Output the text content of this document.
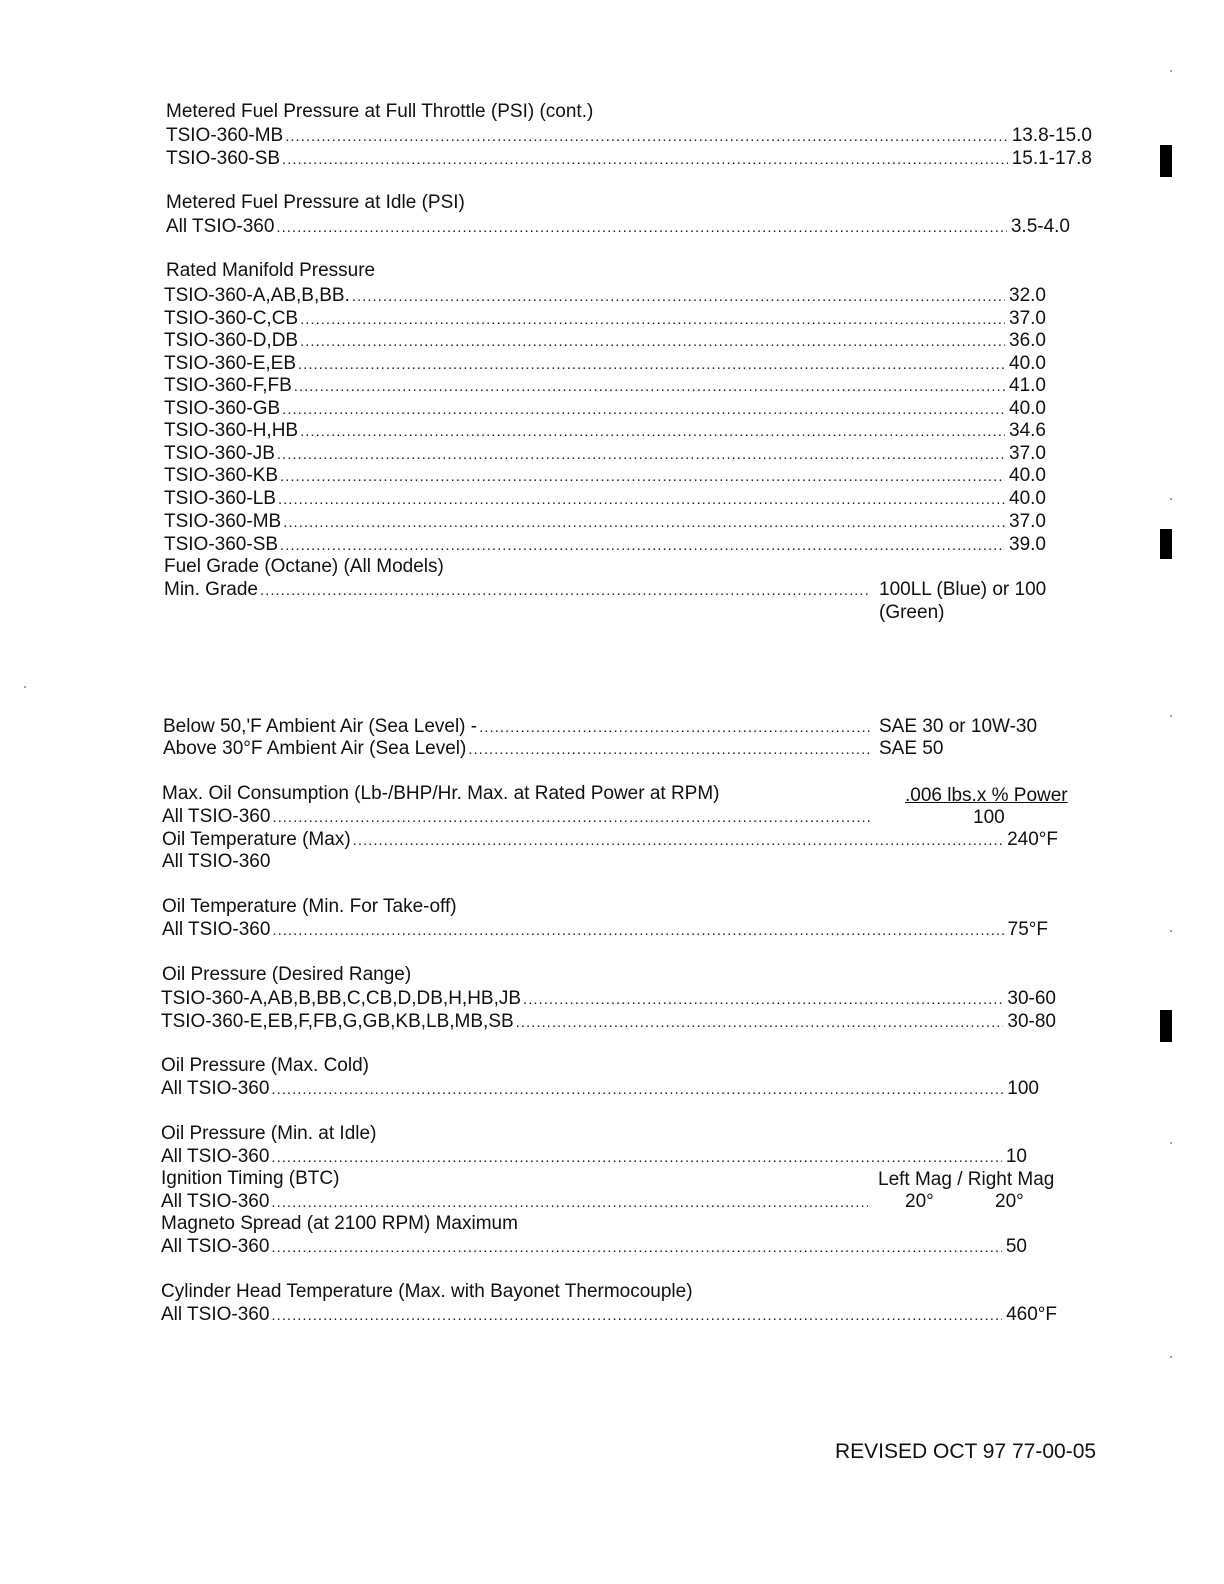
Metered Fuel Pressure at Full Throttle (PSI) (cont.)
TSIO-360-MB .....	13.8-15.0
TSIO-360-SB .....	15.1-17.8
Metered Fuel Pressure at Idle (PSI)
All TSIO-360 .....	3.5-4.0
Rated Manifold Pressure
TSIO-360-A,AB,B,BB. .....	32.0
TSIO-360-C,CB .....	37.0
TSIO-360-D,DB .....	36.0
TSIO-360-E,EB .....	40.0
TSIO-360-F,FB .....	41.0
TSIO-360-GB .....	40.0
TSIO-360-H,HB .....	34.6
TSIO-360-JB .....	37.0
TSIO-360-KB .....	40.0
TSIO-360-LB .....	40.0
TSIO-360-MB .....	37.0
TSIO-360-SB .....	39.0
Fuel Grade (Octane) (All Models)
Min. Grade .....	100LL (Blue) or 100
(Green)
Below 50,'F Ambient Air (Sea Level) - .....	SAE 30 or 10W-30
Above 30°F Ambient Air (Sea Level) .....	SAE 50
Max. Oil Consumption (Lb-/BHP/Hr. Max. at Rated Power at RPM)	.006 lbs.x % Power
All TSIO-360 .....	100
Oil Temperature (Max) .....	240°F
All TSIO-360
Oil Temperature (Min. For Take-off)
All TSIO-360 .....	75°F
Oil Pressure (Desired Range)
TSIO-360-A,AB,B,BB,C,CB,D,DB,H,HB,JB .....	30-60
TSIO-360-E,EB,F,FB,G,GB,KB,LB,MB,SB .....	30-80
Oil Pressure (Max. Cold)
All TSIO-360 .....	100
Oil Pressure (Min. at Idle)
All TSIO-360 .....	10
Ignition Timing (BTC)	Left Mag / Right Mag
All TSIO-360 .....	20°	20°
Magneto Spread (at 2100 RPM) Maximum
All TSIO-360 .....	50
Cylinder Head Temperature (Max. with Bayonet Thermocouple)
All TSIO-360 .....	460°F
REVISED OCT 97 77-00-05
